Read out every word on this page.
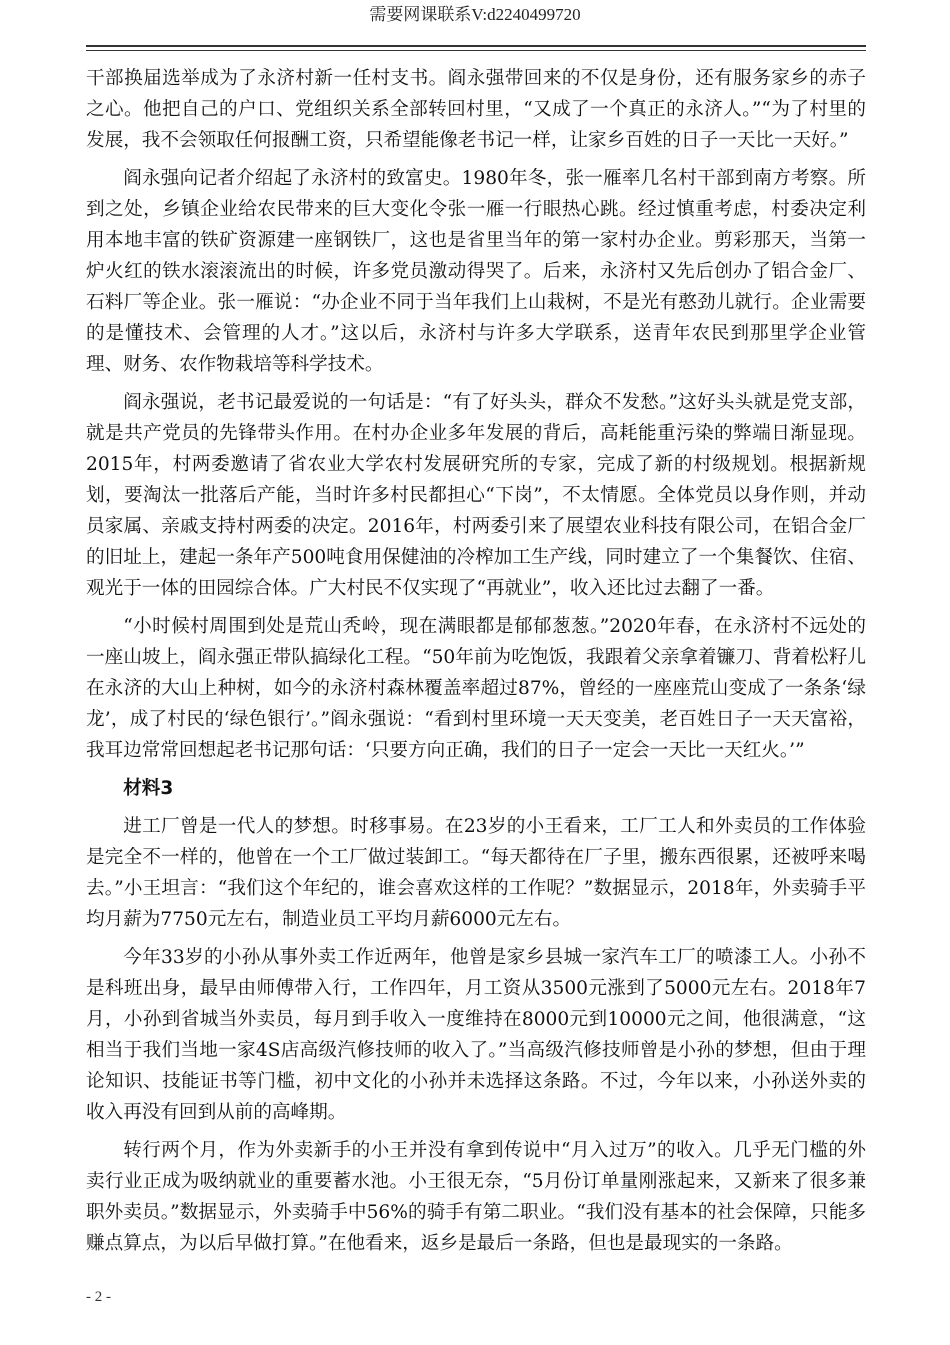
需要网课联系V:d2240499720

干部换届选举成为了永济村新一任村支书。阎永强带回来的不仅是身份，还有服务家乡的赤子之心。他把自己的户口、党组织关系全部转回村里，“又成了一个真正的永济人。”“为了村里的发展，我不会领取任何报酬工资，只希望能像老书记一样，让家乡百姓的日子一天比一天好。”

阎永强向记者介绍起了永济村的致富史。1980年冬，张一雁率几名村干部到南方考察。所到之处，乡镇企业给农民带来的巨大变化令张一雁一行眼热心跳。经过慎重考虑，村委决定利用本地丰富的铁矿资源建一座钢铁厂，这也是省里当年的第一家村办企业。剪彩那天，当第一炉火红的铁水滚滚流出的时候，许多党员激动得哭了。后来，永济村又先后创办了铝合金厂、石料厂等企业。张一雁说：“办企业不同于当年我们上山栽树，不是光有憨劲儿就行。企业需要的是懂技术、会管理的人才。”这以后，永济村与许多大学联系，送青年农民到那里学企业管理、财务、农作物栽培等科学技术。

阎永强说，老书记最爱说的一句话是：“有了好头头，群众不发愁。”这好头头就是党支部，就是共产党员的先锋带头作用。在村办企业多年发展的背后，高耗能重污染的弊端日渐显现。2015年，村两委邀请了省农业大学农村发展研究所的专家，完成了新的村级规划。根据新规划，要淘汰一批落后产能，当时许多村民都担心“下岗”，不太情愿。全体党员以身作则，并动员家属、亲戚支持村两委的决定。2016年，村两委引来了展望农业科技有限公司，在铝合金厂的旧址上，建起一条年产500吨食用保健油的冷榨加工生产线，同时建立了一个集餐饮、住宿、观光于一体的田园综合体。广大村民不仅实现了“再就业”，收入还比过去翻了一番。

“小时候村周围到处是荒山秃岭，现在满眼都是郁郁葱葱。”2020年春，在永济村不远处的一座山坡上，阎永强正带队搞绿化工程。“50年前为吃饱饭，我跟着父亲拿着镰刀、背着松籽儿在永济的大山上种树，如今的永济村森林覆盖率超过87%，曾经的一座座荒山变成了一条条‘绿龙’，成了村民的‘绿色银行’。”阎永强说：“看到村里环境一天天变美，老百姓日子一天天富裕，我耳边常常回想起老书记那句话：‘只要方向正确，我们的日子一定会一天比一天红火。’”

材料3

进工厂曾是一代人的梦想。时移事易。在23岁的小王看来，工厂工人和外卖员的工作体验是完全不一样的，他曾在一个工厂做过装卸工。“每天都待在厂子里，搬东西很累，还被呼来喝去。”小王坦言：“我们这个年纪的，谁会喜欢这样的工作呢？”数据显示，2018年，外卖骑手平均月薪为7750元左右，制造业员工平均月薪6000元左右。

今年33岁的小孙从事外卖工作近两年，他曾是家乡县城一家汽车工厂的喷漆工人。小孙不是科班出身，最早由师傅带入行，工作四年，月工资从3500元涨到了5000元左右。2018年7月，小孙到省城当外卖员，每月到手收入一度维持在8000元到10000元之间，他很满意，“这相当于我们当地一家4S店高级汽修技师的收入了。”当高级汽修技师曾是小孙的梦想，但由于理论知识、技能证书等门槛，初中文化的小孙并未选择这条路。不过，今年以来，小孙送外卖的收入再没有回到从前的高峰期。

转行两个月，作为外卖新手的小王并没有拿到传说中“月入过万”的收入。几乎无门槛的外卖行业正成为吸纳就业的重要蓄水池。小王很无奈，“5月份订单量刚涨起来，又新来了很多兼职外卖员。”数据显示，外卖骑手中56%的骑手有第二职业。“我们没有基本的社会保障，只能多赚点算点，为以后早做打算。”在他看来，返乡是最后一条路，但也是最现实的一条路。

- 2 -
